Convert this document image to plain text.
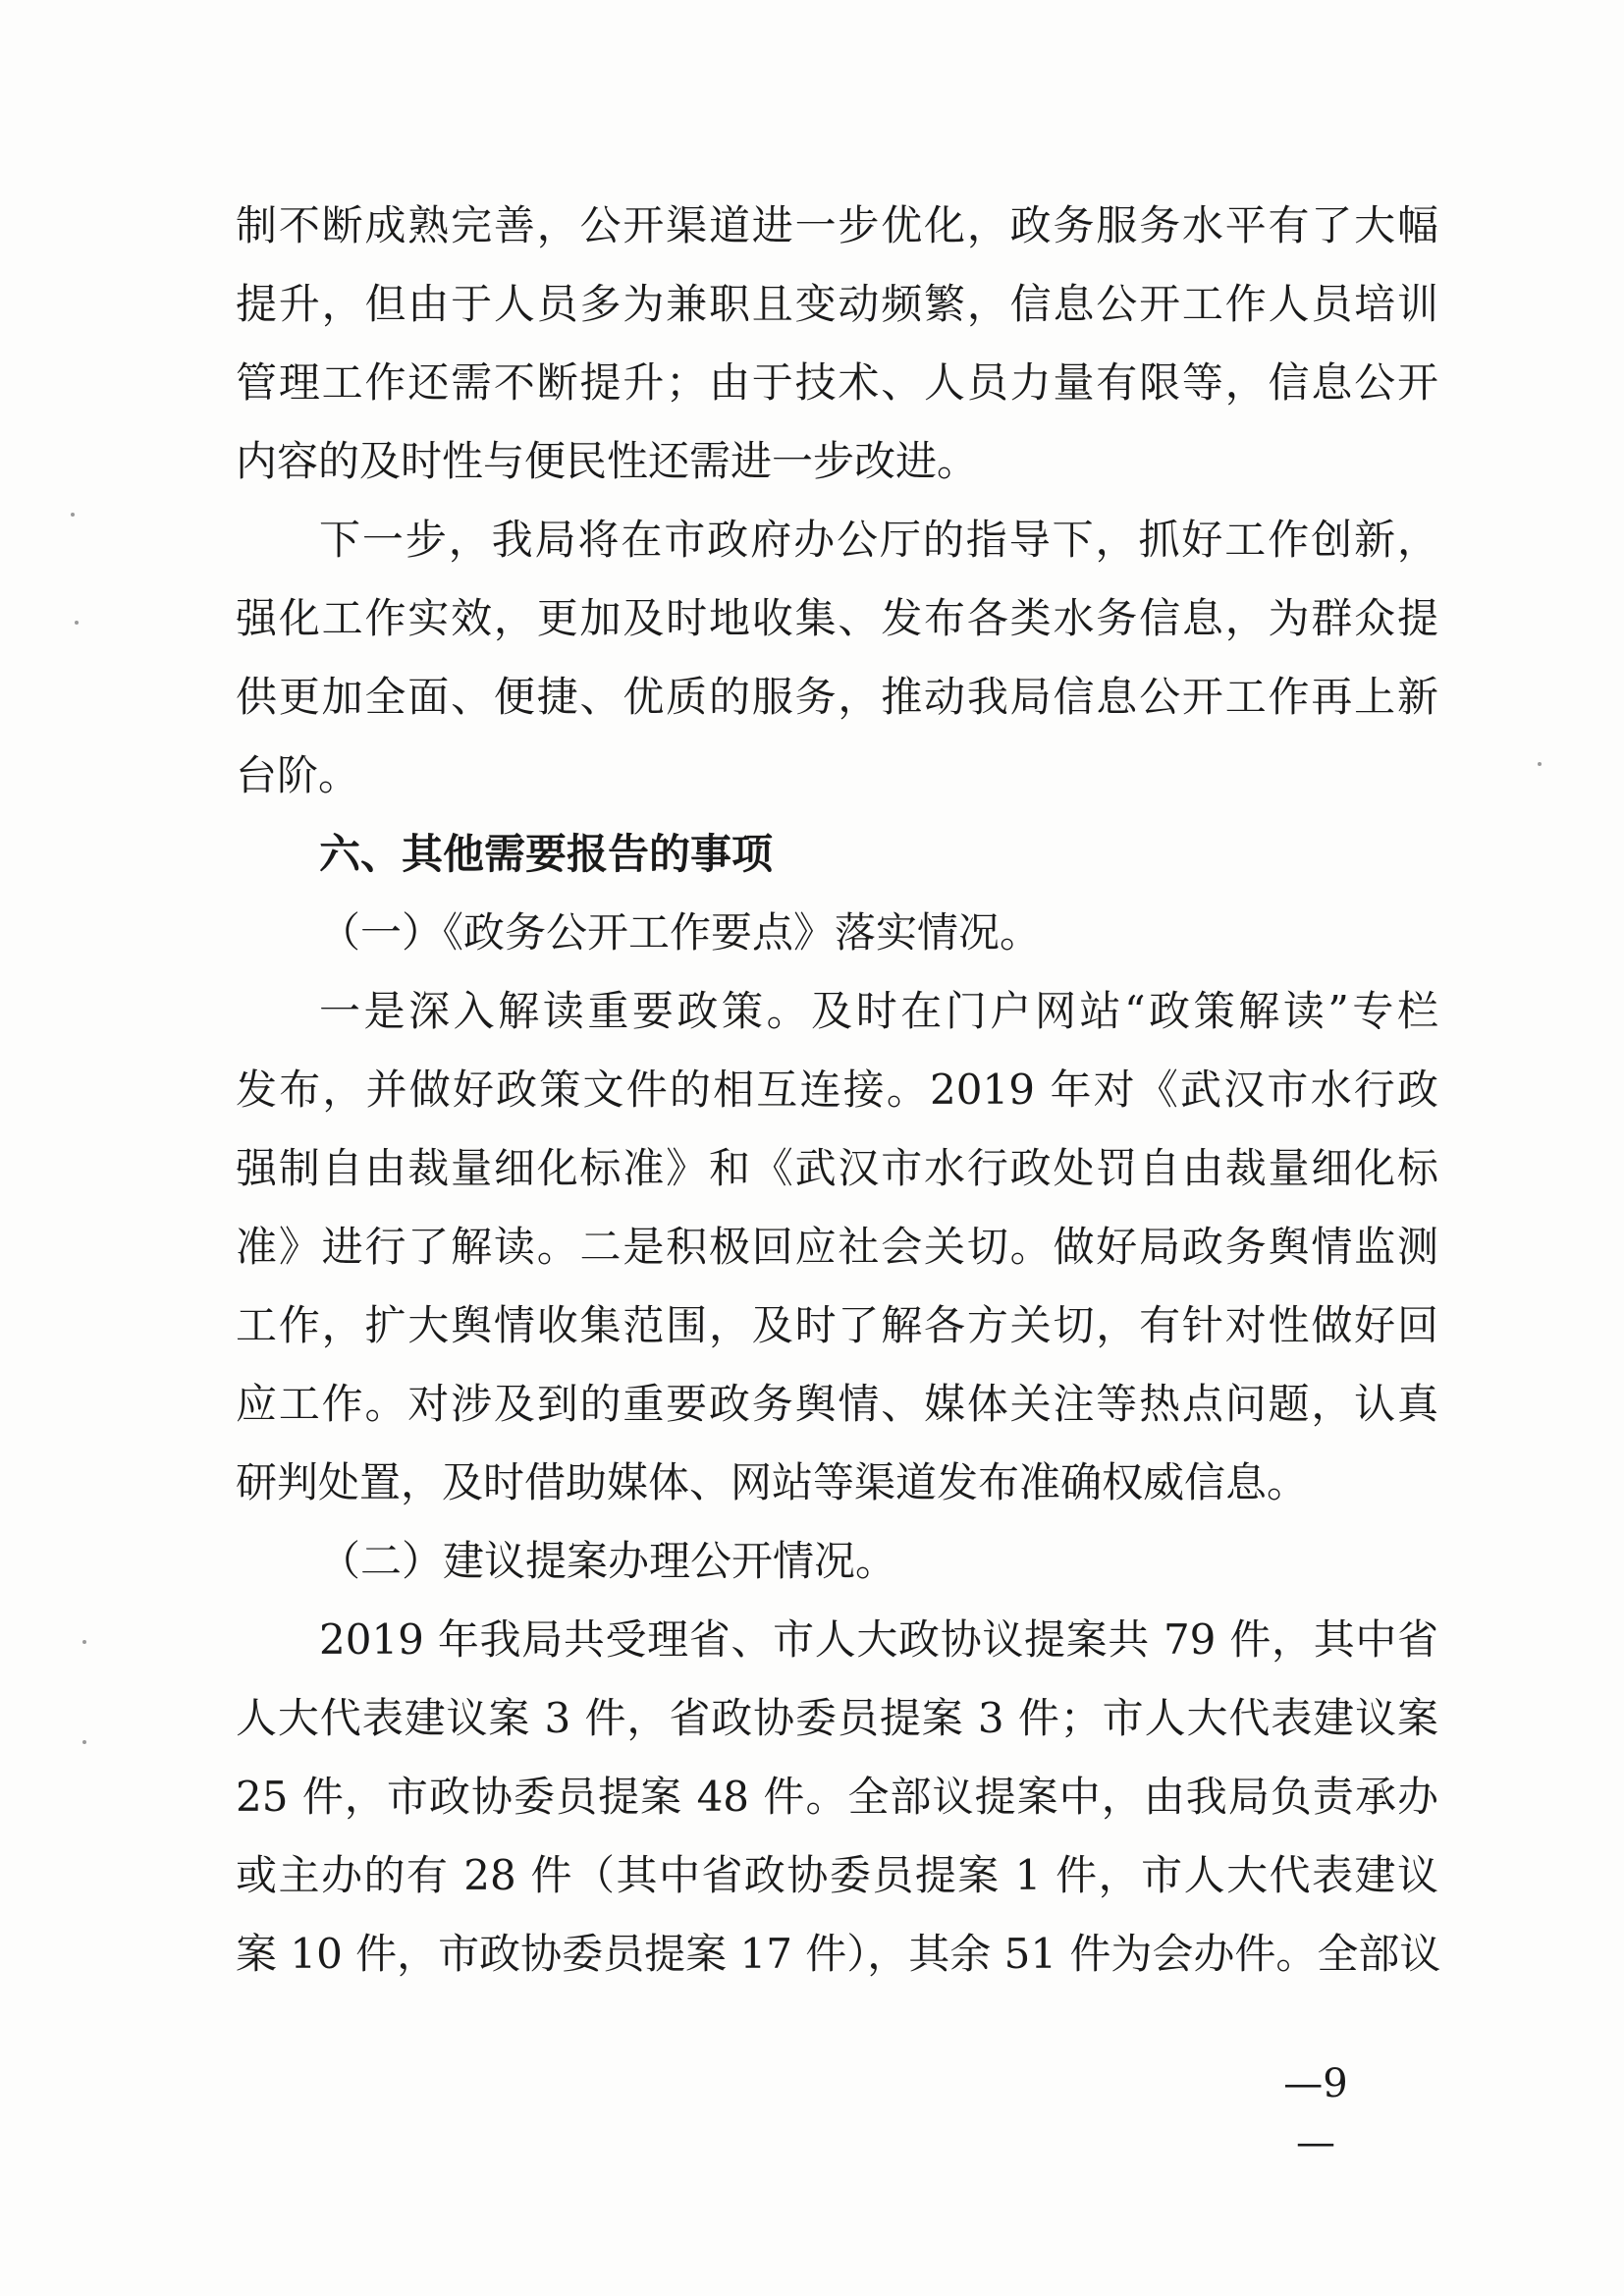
制不断成熟完善，公开渠道进一步优化，政务服务水平有了大幅
提升，但由于人员多为兼职且变动频繁，信息公开工作人员培训
管理工作还需不断提升；由于技术、人员力量有限等，信息公开
内容的及时性与便民性还需进一步改进。
下一步，我局将在市政府办公厅的指导下，抓好工作创新，
强化工作实效，更加及时地收集、发布各类水务信息，为群众提
供更加全面、便捷、优质的服务，推动我局信息公开工作再上新
台阶。
六、其他需要报告的事项
（一）《政务公开工作要点》落实情况。
一是深入解读重要政策。及时在门户网站“政策解读”专栏
发布，并做好政策文件的相互连接。2019 年对《武汉市水行政
强制自由裁量细化标准》和《武汉市水行政处罚自由裁量细化标
准》进行了解读。二是积极回应社会关切。做好局政务舆情监测
工作，扩大舆情收集范围，及时了解各方关切，有针对性做好回
应工作。对涉及到的重要政务舆情、媒体关注等热点问题，认真
研判处置，及时借助媒体、网站等渠道发布准确权威信息。
（二）建议提案办理公开情况。
2019 年我局共受理省、市人大政协议提案共 79 件，其中省
人大代表建议案 3 件，省政协委员提案 3 件；市人大代表建议案
25 件，市政协委员提案 48 件。全部议提案中，由我局负责承办
或主办的有 28 件（其中省政协委员提案 1 件，市人大代表建议
案 10 件，市政协委员提案 17 件），其余 51 件为会办件。全部议
—9—
